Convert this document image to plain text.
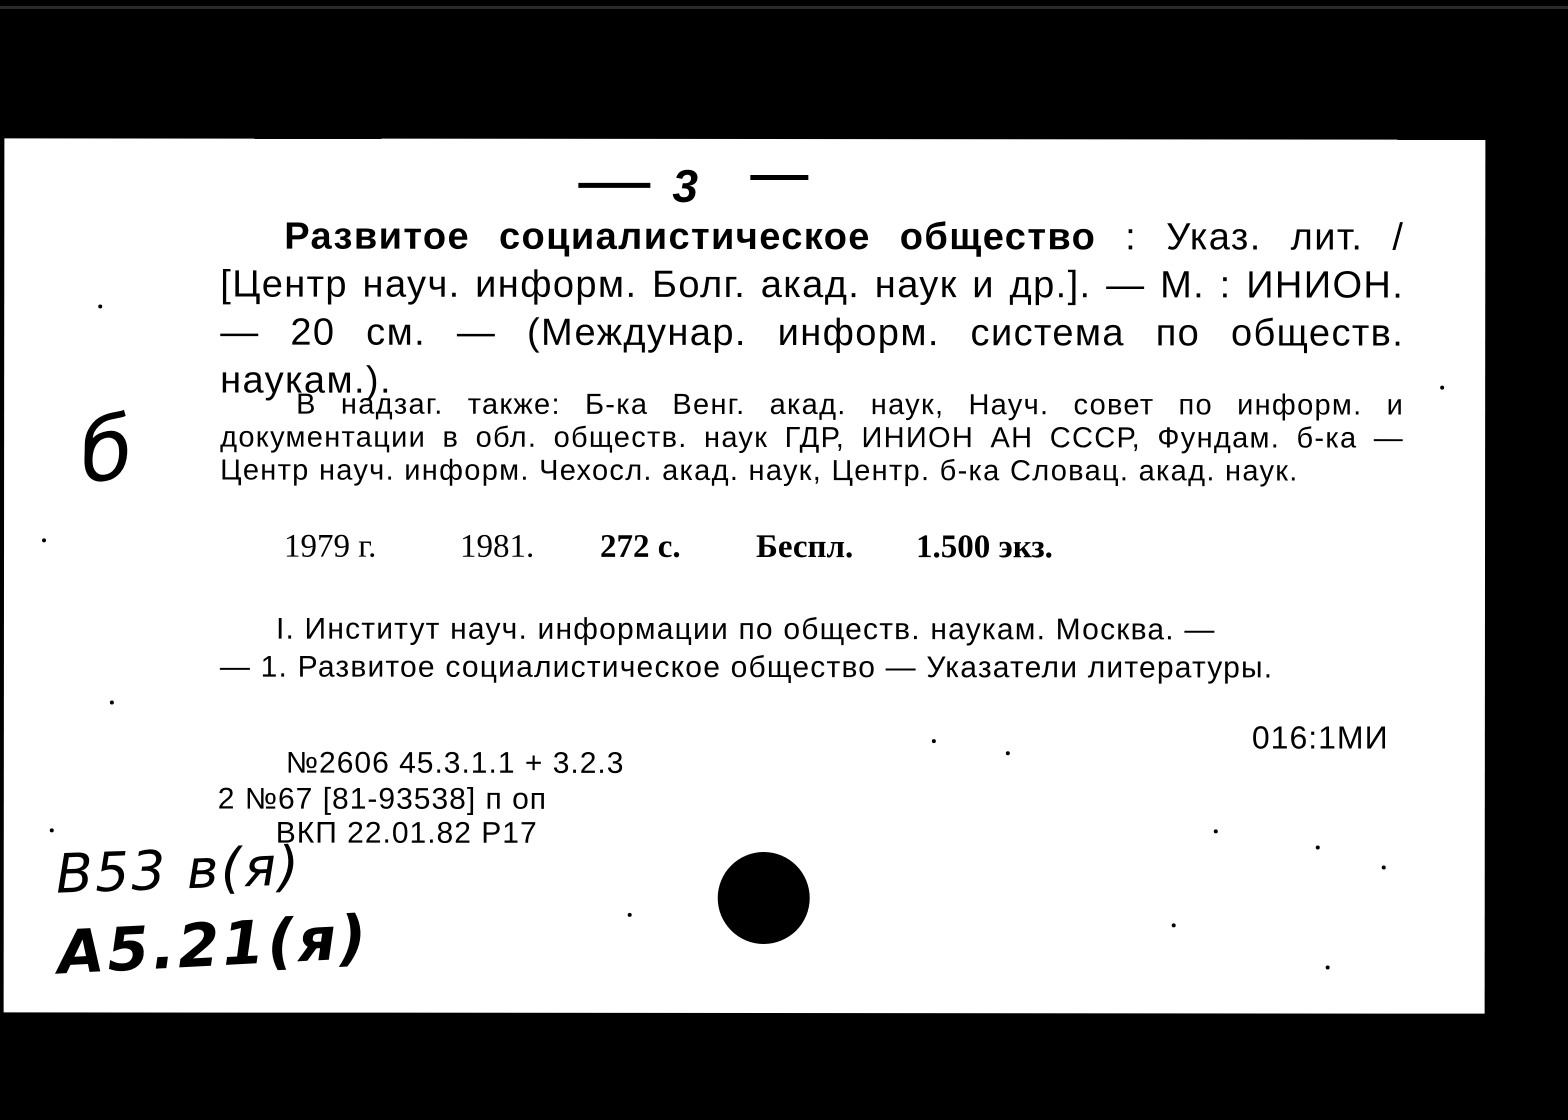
3
Развитое социалистическое общество : Указ. лит. / [Центр науч. информ. Болг. акад. наук и др.]. — М. : ИНИОН. — 20 см. — (Междунар. информ. система по обществ. наукам.).
В надзаг. также: Б-ка Венг. акад. наук, Науч. совет по информ. и документации в обл. обществ. наук ГДР, ИНИОН АН СССР, Фундам. б-ка — Центр науч. информ. Чехосл. акад. наук, Центр. б-ка Словац. акад. наук.
1979 г.	1981. 272 с. Беспл. 1.500 экз.
I. Институт науч. информации по обществ. наукам. Москва. —
— 1. Развитое социалистическое общество — Указатели литературы.
016:1МИ
№2606 45.3.1.1 + 3.2.3
2 №67 [81-93538] п оп
ВКП 22.01.82 Р17
б
В53 в(я)
А5.21(я)
